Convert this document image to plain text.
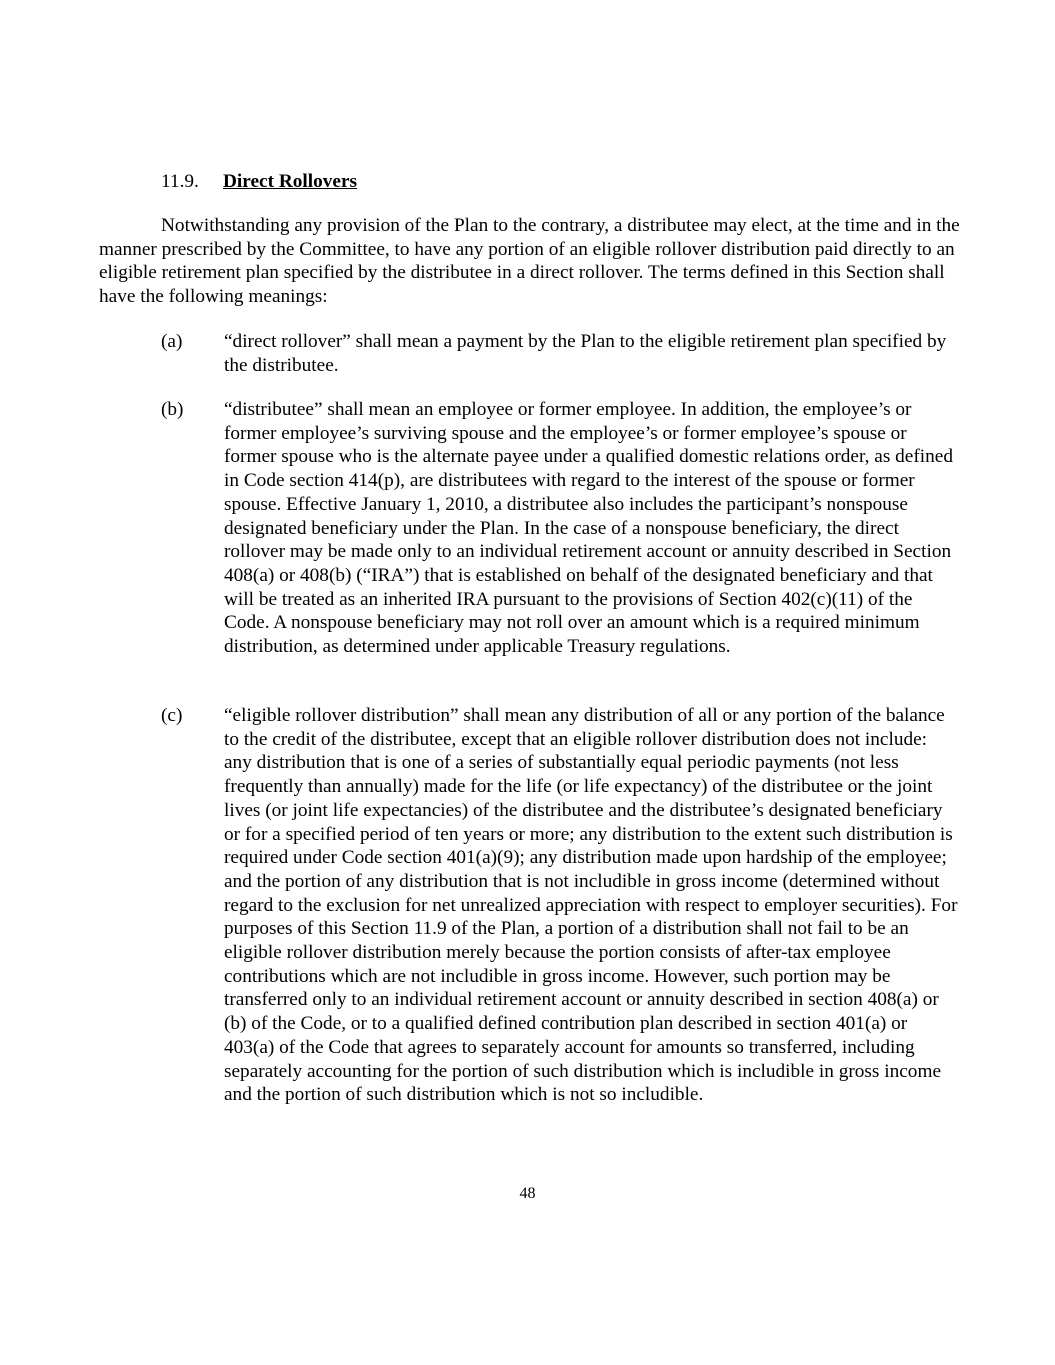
11.9. Direct Rollovers

Notwithstanding any provision of the Plan to the contrary, a distributee may elect, at the time and in the manner prescribed by the Committee, to have any portion of an eligible rollover distribution paid directly to an eligible retirement plan specified by the distributee in a direct rollover. The terms defined in this Section shall have the following meanings:

(a)	“direct rollover” shall mean a payment by the Plan to the eligible retirement plan specified by the distributee.

(b)	“distributee” shall mean an employee or former employee. In addition, the employee’s or former employee’s surviving spouse and the employee’s or former employee’s spouse or former spouse who is the alternate payee under a qualified domestic relations order, as defined in Code section 414(p), are distributees with regard to the interest of the spouse or former spouse. Effective January 1, 2010, a distributee also includes the participant’s nonspouse designated beneficiary under the Plan. In the case of a nonspouse beneficiary, the direct rollover may be made only to an individual retirement account or annuity described in Section 408(a) or 408(b) (“IRA”) that is established on behalf of the designated beneficiary and that will be treated as an inherited IRA pursuant to the provisions of Section 402(c)(11) of the Code. A nonspouse beneficiary may not roll over an amount which is a required minimum distribution, as determined under applicable Treasury regulations.

(c)	“eligible rollover distribution” shall mean any distribution of all or any portion of the balance to the credit of the distributee, except that an eligible rollover distribution does not include: any distribution that is one of a series of substantially equal periodic payments (not less frequently than annually) made for the life (or life expectancy) of the distributee or the joint lives (or joint life expectancies) of the distributee and the distributee’s designated beneficiary or for a specified period of ten years or more; any distribution to the extent such distribution is required under Code section 401(a)(9); any distribution made upon hardship of the employee; and the portion of any distribution that is not includible in gross income (determined without regard to the exclusion for net unrealized appreciation with respect to employer securities). For purposes of this Section 11.9 of the Plan, a portion of a distribution shall not fail to be an eligible rollover distribution merely because the portion consists of after-tax employee contributions which are not includible in gross income. However, such portion may be transferred only to an individual retirement account or annuity described in section 408(a) or (b) of the Code, or to a qualified defined contribution plan described in section 401(a) or 403(a) of the Code that agrees to separately account for amounts so transferred, including separately accounting for the portion of such distribution which is includible in gross income and the portion of such distribution which is not so includible.

48
